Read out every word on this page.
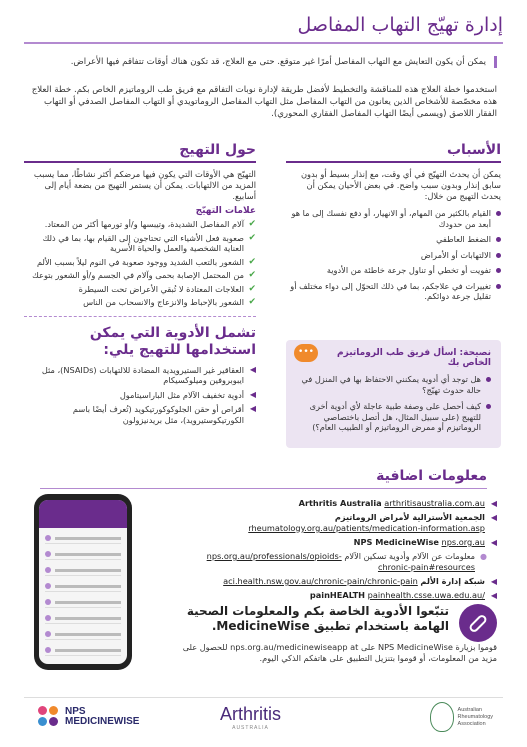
إدارة تهيّج التهاب المفاصل

يمكن أن يكون التعايش مع التهاب المفاصل أمرًا غير متوقع. حتى مع العلاج، قد تكون هناك أوقات تتفاقم فيها الأعراض.

استخدموا خطة العلاج هذه للمناقشة والتخطيط لأفضل طريقة لإدارة نوبات التفاقم مع فريق طب الروماتيزم الخاص بكم. خطة العلاج هذه مخصّصة للأشخاص الذين يعانون من التهاب المفاصل مثل التهاب المفاصل الروماتويدي أو التهاب المفاصل الصدفي أو التهاب الفقار اللاصق (ويسمى أيضًا التهاب المفاصل الفقاري المحوري).

حول التهيج

التهيّج هي الأوقات التي يكون فيها مرضكم أكثر نشاطًا، مما يسبب المزيد من الالتهابات. يمكن أن يستمر التهيج من بضعة أيام إلى أسابيع.

علامات التهيّج
✔
آلام المفاصل الشديدة، وتيبسها و/أو تورمها أكثر من المعتاد.
✔
صعوبة فعل الأشياء التي تحتاجون إلى القيام بها، بما في ذلك العناية الشخصية والعمل والحياة الأسرية
✔
الشعور بالتعب الشديد ووجود صعوبة في النوم ليلاً بسبب الألم
✔
من المحتمل الإصابة بحمى وآلام في الجسم و/أو الشعور بتوعك
✔
العلاجات المعتادة لا تُبقي الأعراض تحت السيطرة
✔
الشعور بالإحباط والانزعاج والانسحاب من الناس
تشمل الأدوية التي يمكن استخدامها للتهيج يلي:
◀
العقاقير غير الستيرويدية المضادة للالتهابات (NSAIDs)، مثل ايبوبروفين وميلوكسيكام
◀
أدوية تخفيف الآلام مثل الباراسيتامول
◀
أقراص أو حقن الجلوكوكورتيكويد (تُعرف أيضًا باسم الكورتيكوستيرويد)، مثل بريدنيزولون
الأسباب

يمكن أن يحدث التهيّج في أي وقت، مع إنذار بسيط أو بدون سابق إنذار وبدون سبب واضح. في بعض الأحيان يمكن أن يحدث التهيج من خلال:

القيام بالكثير من المهام، أو الانهيار، أو دفع نفسك إلى ما هو أبعد من حدودك
الضغط العاطفي
الالتهابات أو الأمراض
تفويت أو تخطي أو تناول جرعة خاطئة من الأدوية
تغييرات في علاجكم، بما في ذلك التحوّل إلى دواء مختلف أو تقليل جرعة دوائكم.
•••	نصيحة: اسأل فريق طب الروماتيزم الخاص بك
هل توجد أي أدوية يمكنني الاحتفاظ بها في المنزل في حالة حدوث تهيّج؟
كيف أحصل على وصفة طبية عاجلة لأي أدوية أخرى للتهيج (على سبيل المثال، هل أتصل باختصاصي الروماتيزم أو ممرض الروماتيزم أو الطبيب العام؟)
معلومات اضافية
◀
Arthritis Australia arthritisaustralia.com.au
◀
الجمعية الأسترالية لأمراض الروماتيزم rheumatology.org.au/patients/medication-information.asp
◀
NPS MedicineWise nps.org.au
●
معلومات عن الآلام وأدوية تسكين الآلام nps.org.au/professionals/opioids-chronic-pain#resources
◀
شبكة إدارة الألم aci.health.nsw.gov.au/chronic-pain/chronic-pain
◀
painHEALTH painhealth.csse.uwa.edu.au/
تتبّعوا الأدوية الخاصة بكم والمعلومات الصحية الهامة باستخدام تطبيق MedicineWise.

قوموا بزيارة NPS MedicineWise على nps.org.au/medicinewiseapp at للحصول على مزيد من المعلومات، أو قوموا بتنزيل التطبيق على هاتفكم الذكي اليوم.

NPS
MEDICINEWISE	Arthritis
AUSTRALIA
Australian
Rheumatology
Association
